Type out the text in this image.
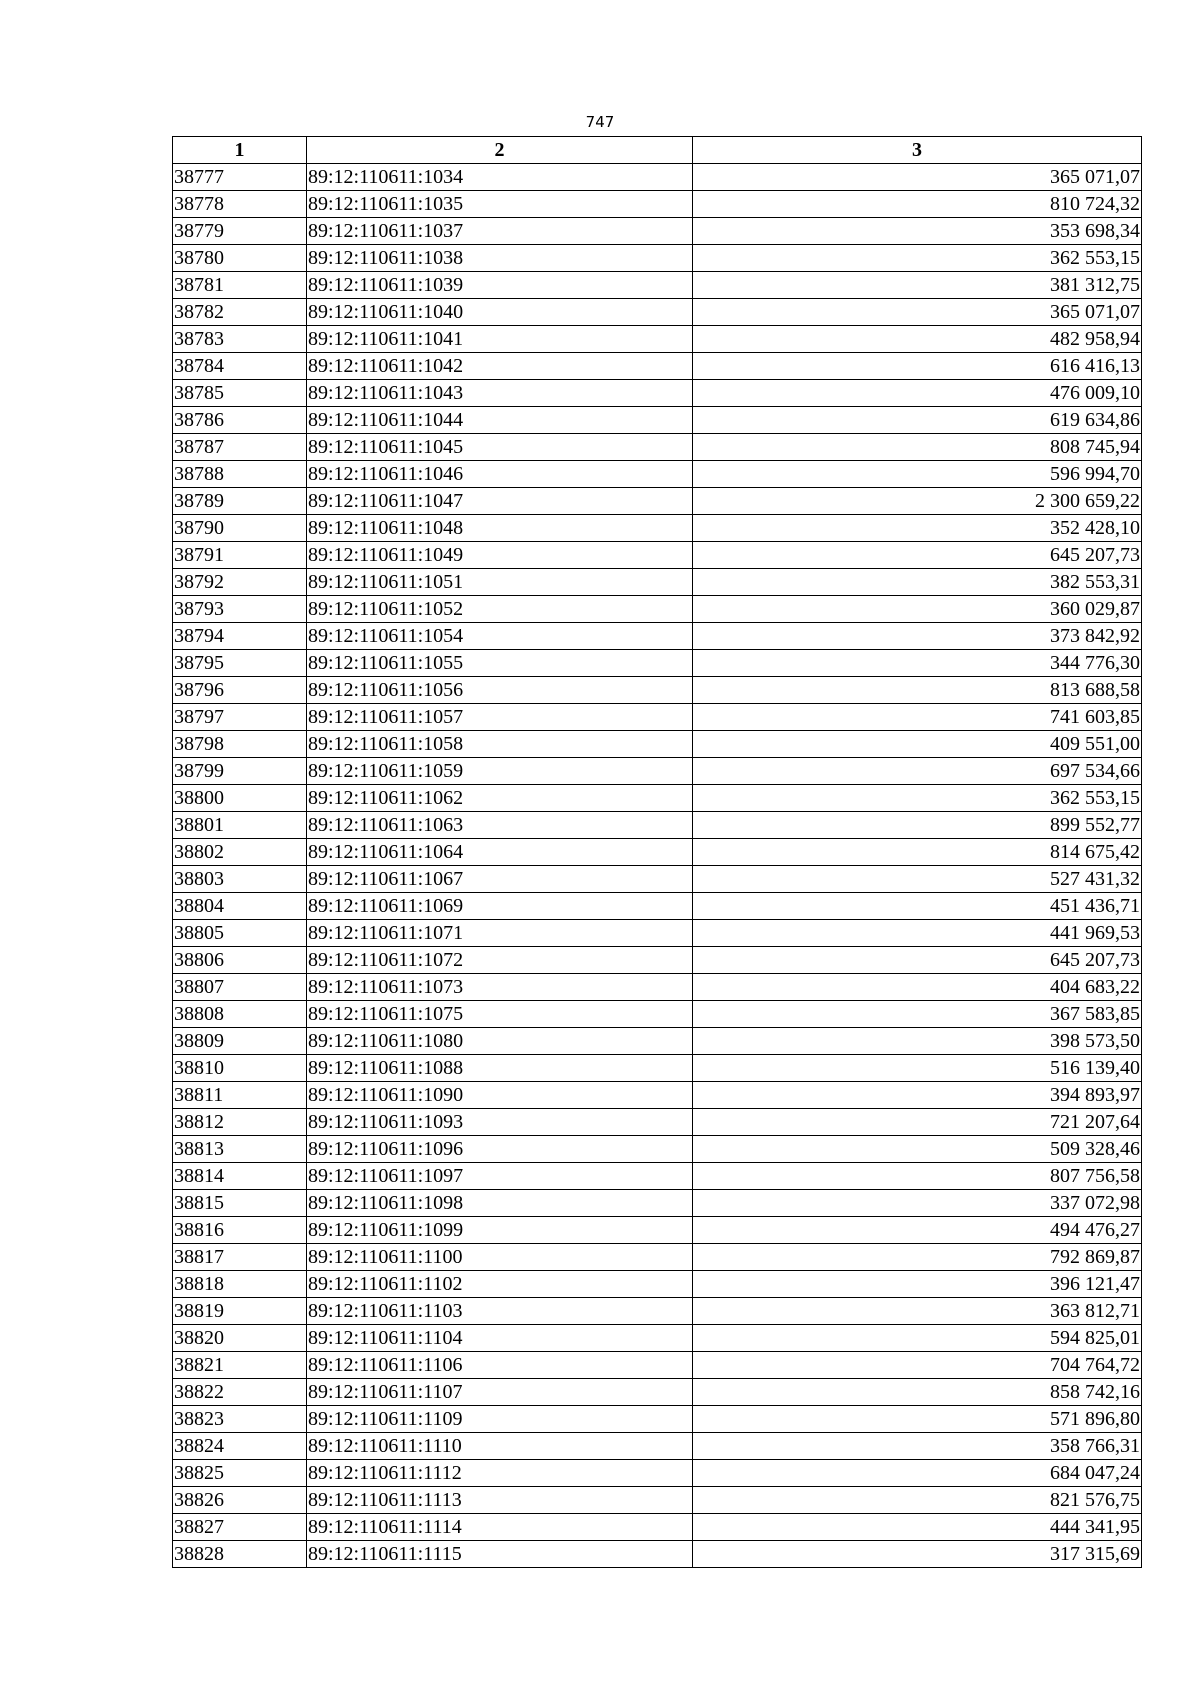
747
1	2	3
38777	89:12:110611:1034	365 071,07
38778	89:12:110611:1035	810 724,32
38779	89:12:110611:1037	353 698,34
38780	89:12:110611:1038	362 553,15
38781	89:12:110611:1039	381 312,75
38782	89:12:110611:1040	365 071,07
38783	89:12:110611:1041	482 958,94
38784	89:12:110611:1042	616 416,13
38785	89:12:110611:1043	476 009,10
38786	89:12:110611:1044	619 634,86
38787	89:12:110611:1045	808 745,94
38788	89:12:110611:1046	596 994,70
38789	89:12:110611:1047	2 300 659,22
38790	89:12:110611:1048	352 428,10
38791	89:12:110611:1049	645 207,73
38792	89:12:110611:1051	382 553,31
38793	89:12:110611:1052	360 029,87
38794	89:12:110611:1054	373 842,92
38795	89:12:110611:1055	344 776,30
38796	89:12:110611:1056	813 688,58
38797	89:12:110611:1057	741 603,85
38798	89:12:110611:1058	409 551,00
38799	89:12:110611:1059	697 534,66
38800	89:12:110611:1062	362 553,15
38801	89:12:110611:1063	899 552,77
38802	89:12:110611:1064	814 675,42
38803	89:12:110611:1067	527 431,32
38804	89:12:110611:1069	451 436,71
38805	89:12:110611:1071	441 969,53
38806	89:12:110611:1072	645 207,73
38807	89:12:110611:1073	404 683,22
38808	89:12:110611:1075	367 583,85
38809	89:12:110611:1080	398 573,50
38810	89:12:110611:1088	516 139,40
38811	89:12:110611:1090	394 893,97
38812	89:12:110611:1093	721 207,64
38813	89:12:110611:1096	509 328,46
38814	89:12:110611:1097	807 756,58
38815	89:12:110611:1098	337 072,98
38816	89:12:110611:1099	494 476,27
38817	89:12:110611:1100	792 869,87
38818	89:12:110611:1102	396 121,47
38819	89:12:110611:1103	363 812,71
38820	89:12:110611:1104	594 825,01
38821	89:12:110611:1106	704 764,72
38822	89:12:110611:1107	858 742,16
38823	89:12:110611:1109	571 896,80
38824	89:12:110611:1110	358 766,31
38825	89:12:110611:1112	684 047,24
38826	89:12:110611:1113	821 576,75
38827	89:12:110611:1114	444 341,95
38828	89:12:110611:1115	317 315,69
